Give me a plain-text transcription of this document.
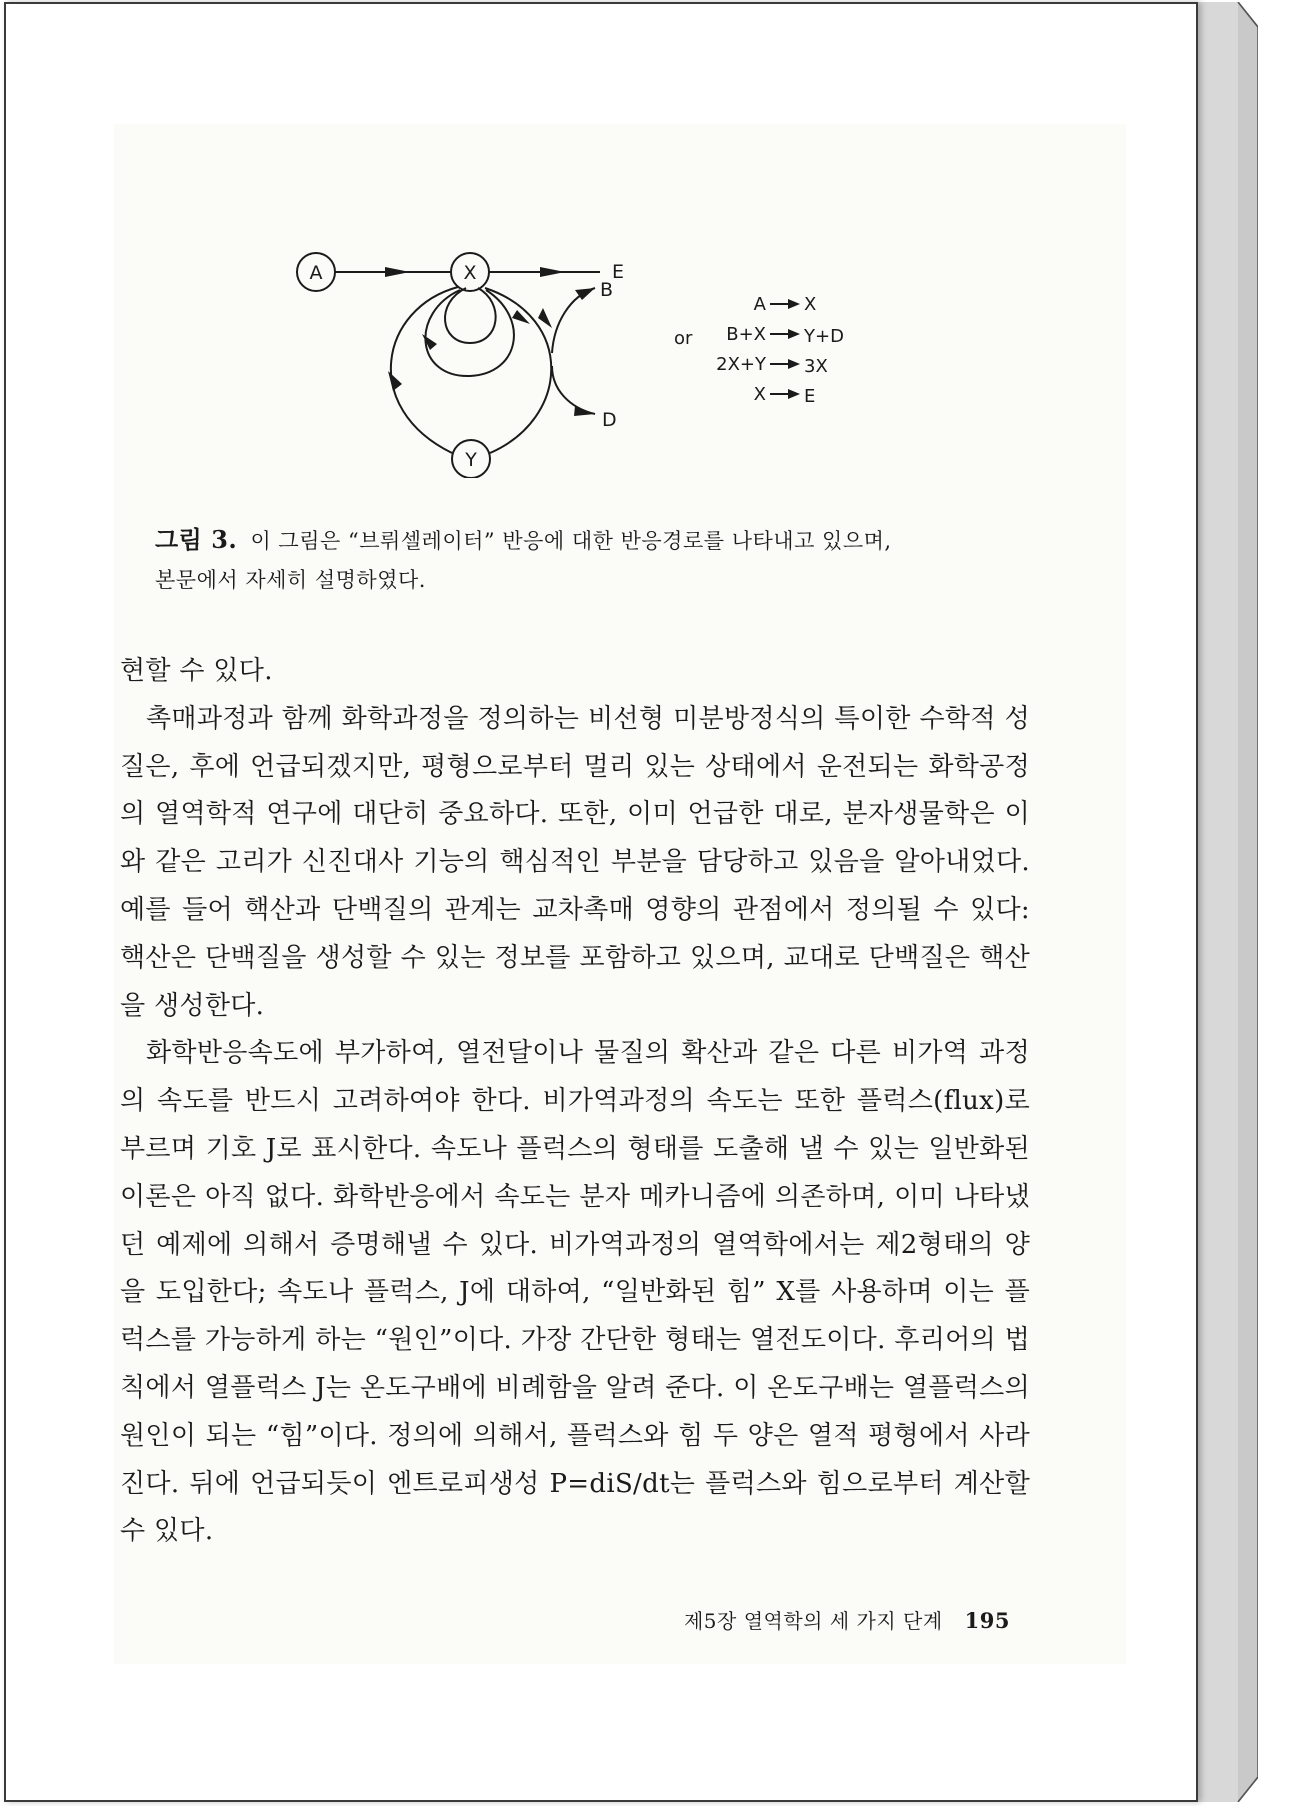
A	X
Y
E
B
D
or
A X
B+X Y+D
2X+Y 3X
X E
그림 3. 이 그림은 “브뤼셀레이터” 반응에 대한 반응경로를 나타내고 있으며,
본문에서 자세히 설명하였다.

현할 수 있다.

촉매과정과 함께 화학과정을 정의하는 비선형 미분방정식의 특이한 수학적 성질은, 후에 언급되겠지만, 평형으로부터 멀리 있는 상태에서 운전되는 화학공정의 열역학적 연구에 대단히 중요하다. 또한, 이미 언급한 대로, 분자생물학은 이와 같은 고리가 신진대사 기능의 핵심적인 부분을 담당하고 있음을 알아내었다. 예를 들어 핵산과 단백질의 관계는 교차촉매 영향의 관점에서 정의될 수 있다: 핵산은 단백질을 생성할 수 있는 정보를 포함하고 있으며, 교대로 단백질은 핵산을 생성한다.

화학반응속도에 부가하여, 열전달이나 물질의 확산과 같은 다른 비가역 과정의 속도를 반드시 고려하여야 한다. 비가역과정의 속도는 또한 플럭스(flux)로 부르며 기호 J로 표시한다. 속도나 플럭스의 형태를 도출해 낼 수 있는 일반화된 이론은 아직 없다. 화학반응에서 속도는 분자 메카니즘에 의존하며, 이미 나타냈던 예제에 의해서 증명해낼 수 있다. 비가역과정의 열역학에서는 제2형태의 양을 도입한다; 속도나 플럭스, J에 대하여, “일반화된 힘” X를 사용하며 이는 플럭스를 가능하게 하는 “원인”이다. 가장 간단한 형태는 열전도이다. 후리어의 법칙에서 열플럭스 J는 온도구배에 비례함을 알려 준다. 이 온도구배는 열플럭스의 원인이 되는 “힘”이다. 정의에 의해서, 플럭스와 힘 두 양은 열적 평형에서 사라진다. 뒤에 언급되듯이 엔트로피생성 P=diS/dt는 플럭스와 힘으로부터 계산할 수 있다.

제5장 열역학의 세 가지 단계 195
